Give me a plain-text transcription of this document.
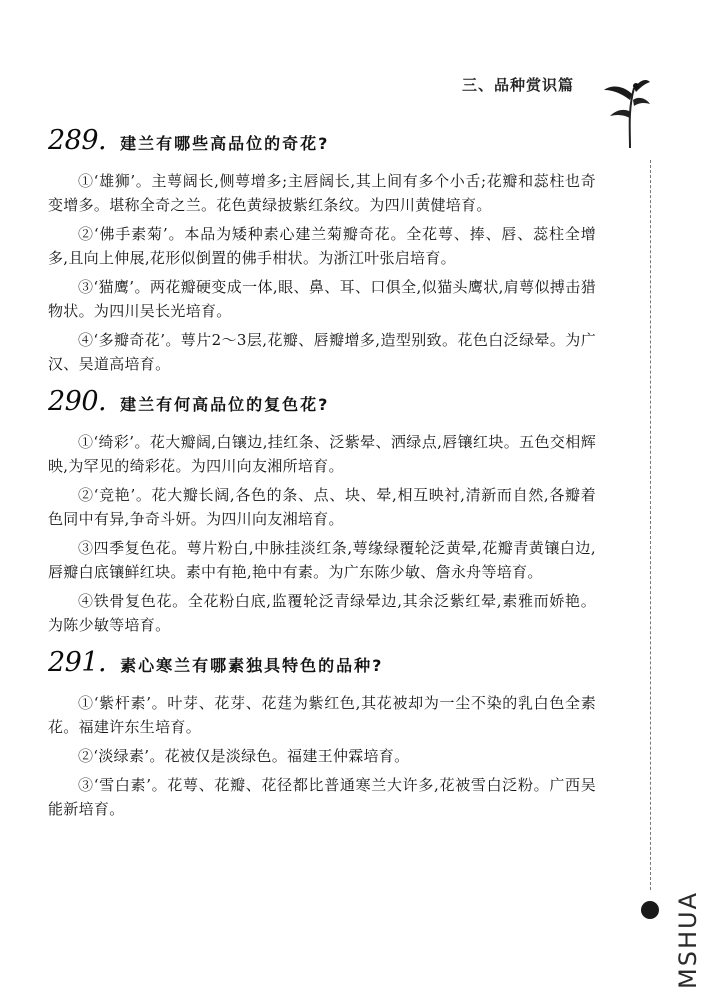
三、品种赏识篇
MSHUA
289. 建兰有哪些高品位的奇花?

①‘雄狮’。主萼阔长,侧萼增多;主唇阔长,其上间有多个小舌;花瓣和蕊柱也奇变增多。堪称全奇之兰。花色黄绿披紫红条纹。为四川黄健培育。

②‘佛手素菊’。本品为矮种素心建兰菊瓣奇花。全花萼、捧、唇、蕊柱全增多,且向上伸展,花形似倒置的佛手柑状。为浙江叶张启培育。

③‘猫鹰’。两花瓣硬变成一体,眼、鼻、耳、口俱全,似猫头鹰状,肩萼似搏击猎物状。为四川吴长光培育。

④‘多瓣奇花’。萼片2～3层,花瓣、唇瓣增多,造型别致。花色白泛绿晕。为广汉、吴道高培育。

290. 建兰有何高品位的复色花?

①‘绮彩’。花大瓣阔,白镶边,挂红条、泛紫晕、洒绿点,唇镶红块。五色交相辉映,为罕见的绮彩花。为四川向友湘所培育。

②‘竞艳’。花大瓣长阔,各色的条、点、块、晕,相互映衬,清新而自然,各瓣着色同中有异,争奇斗妍。为四川向友湘培育。

③四季复色花。萼片粉白,中脉挂淡红条,萼缘绿覆轮泛黄晕,花瓣青黄镶白边,唇瓣白底镶鲜红块。素中有艳,艳中有素。为广东陈少敏、詹永舟等培育。

④铁骨复色花。全花粉白底,监覆轮泛青绿晕边,其余泛紫红晕,素雅而娇艳。为陈少敏等培育。

291. 素心寒兰有哪素独具特色的品种?

①‘紫杆素’。叶芽、花芽、花莛为紫红色,其花被却为一尘不染的乳白色全素花。福建许东生培育。

②‘淡绿素’。花被仅是淡绿色。福建王仲霖培育。

③‘雪白素’。花萼、花瓣、花径都比普通寒兰大许多,花被雪白泛粉。广西吴能新培育。
